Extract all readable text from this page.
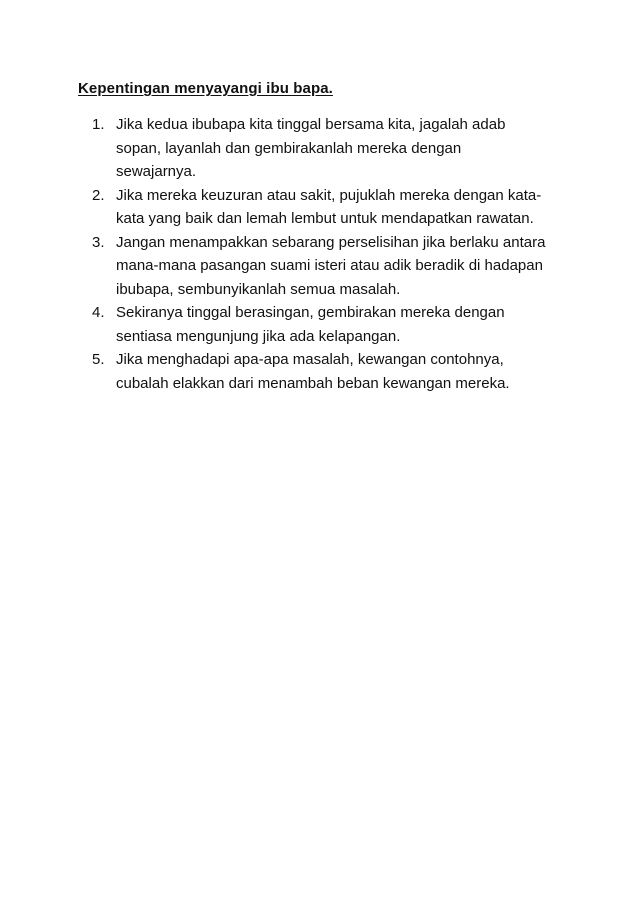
Kepentingan menyayangi ibu bapa.
1. Jika kedua ibubapa kita tinggal bersama kita, jagalah adab
sopan, layanlah dan gembirakanlah mereka dengan
sewajarnya.
2. Jika mereka keuzuran atau sakit, pujuklah mereka dengan kata-
kata yang baik dan lemah lembut untuk mendapatkan rawatan.
3. Jangan menampakkan sebarang perselisihan jika berlaku antara
mana-mana pasangan suami isteri atau adik beradik di hadapan
ibubapa, sembunyikanlah semua masalah.
4. Sekiranya tinggal berasingan, gembirakan mereka dengan
sentiasa mengunjung jika ada kelapangan.
5. Jika menghadapi apa-apa masalah, kewangan contohnya,
cubalah elakkan dari menambah beban kewangan mereka.
